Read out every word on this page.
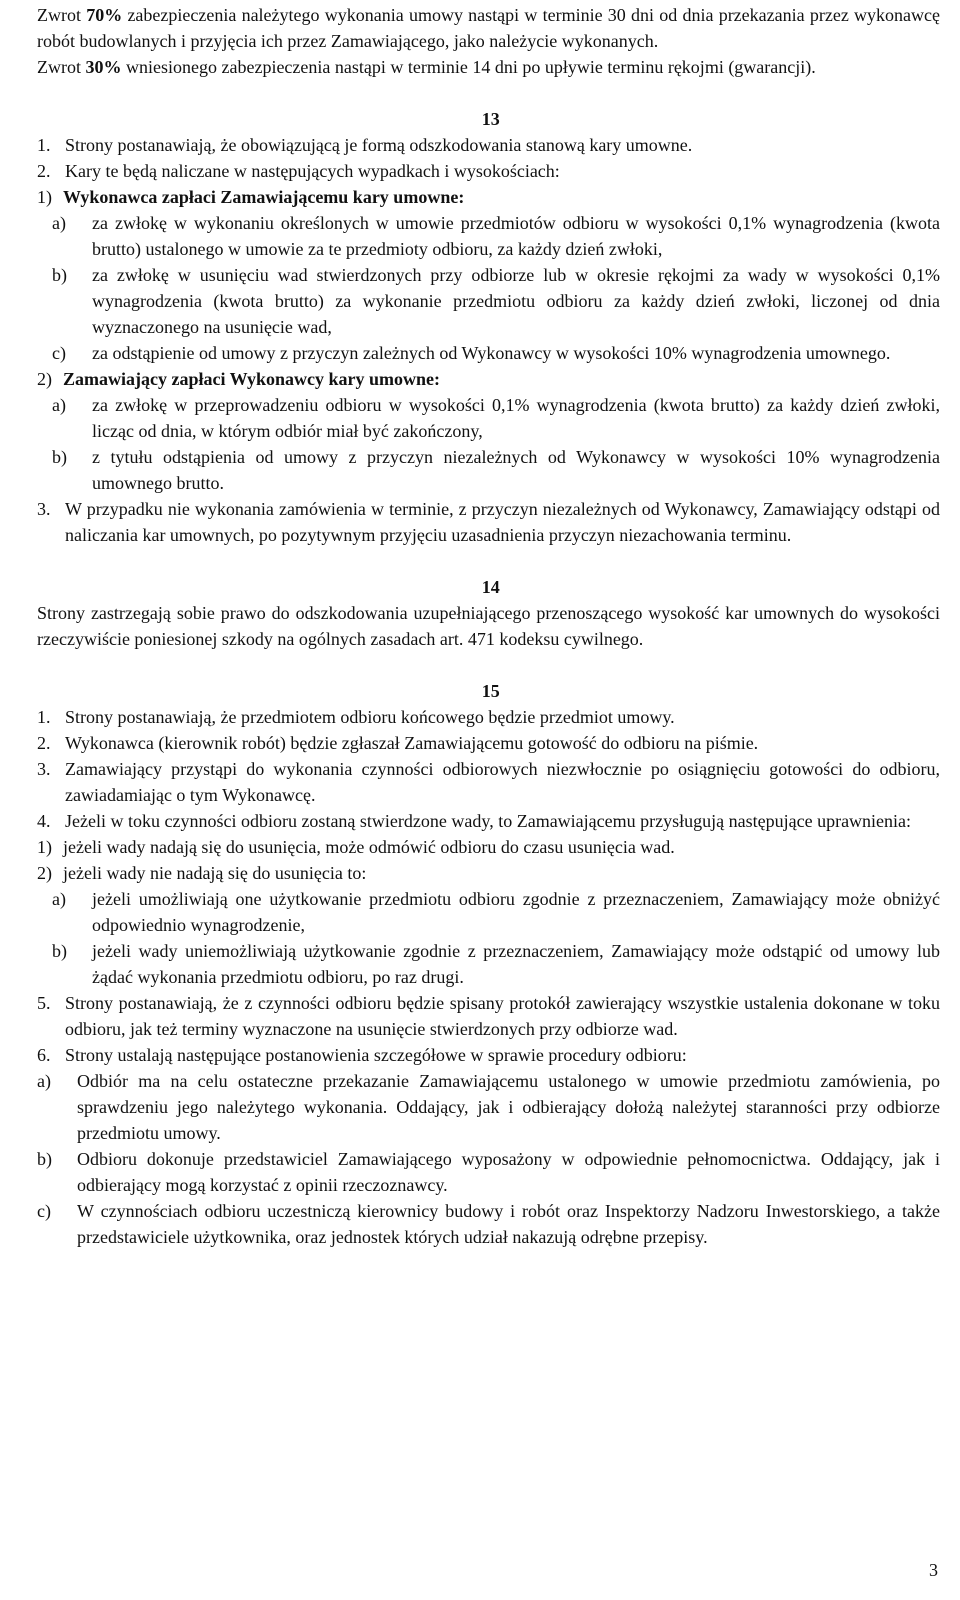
Zwrot 70% zabezpieczenia należytego wykonania umowy nastąpi w terminie 30 dni od dnia przekazania przez wykonawcę robót budowlanych i przyjęcia ich przez Zamawiającego, jako należycie wykonanych.

Zwrot 30% wniesionego zabezpieczenia nastąpi w terminie 14 dni po upływie terminu rękojmi (gwarancji).

13

1. Strony postanawiają, że obowiązującą je formą odszkodowania stanową kary umowne.
2. Kary te będą naliczane w następujących wypadkach i wysokościach:
1) Wykonawca zapłaci Zamawiającemu kary umowne:
a)	za zwłokę w wykonaniu określonych w umowie przedmiotów odbioru w wysokości 0,1% wynagrodzenia (kwota brutto) ustalonego w umowie za te przedmioty odbioru, za każdy dzień zwłoki,
b)	za zwłokę w usunięciu wad stwierdzonych przy odbiorze lub w okresie rękojmi za wady w wysokości 0,1% wynagrodzenia (kwota brutto) za wykonanie przedmiotu odbioru za każdy dzień zwłoki, liczonej od dnia wyznaczonego na usunięcie wad,
c)	za odstąpienie od umowy z przyczyn zależnych od Wykonawcy w wysokości 10% wynagrodzenia umownego.
2) Zamawiający zapłaci Wykonawcy kary umowne:
a)	za zwłokę w przeprowadzeniu odbioru w wysokości 0,1% wynagrodzenia (kwota brutto) za każdy dzień zwłoki, licząc od dnia, w którym odbiór miał być zakończony,
b)	z tytułu odstąpienia od umowy z przyczyn niezależnych od Wykonawcy w wysokości 10% wynagrodzenia umownego brutto.
3. W przypadku nie wykonania zamówienia w terminie, z przyczyn niezależnych od Wykonawcy, Zamawiający odstąpi od naliczania kar umownych, po pozytywnym przyjęciu uzasadnienia przyczyn niezachowania terminu.

14

Strony zastrzegają sobie prawo do odszkodowania uzupełniającego przenoszącego wysokość kar umownych do wysokości rzeczywiście poniesionej szkody na ogólnych zasadach art. 471 kodeksu cywilnego.

15

1. Strony postanawiają, że przedmiotem odbioru końcowego będzie przedmiot umowy.
2. Wykonawca (kierownik robót) będzie zgłaszał Zamawiającemu gotowość do odbioru na piśmie.
3. Zamawiający przystąpi do wykonania czynności odbiorowych niezwłocznie po osiągnięciu gotowości do odbioru, zawiadamiając o tym Wykonawcę.
4. Jeżeli w toku czynności odbioru zostaną stwierdzone wady, to Zamawiającemu przysługują następujące uprawnienia:
1) jeżeli wady nadają się do usunięcia, może odmówić odbioru do czasu usunięcia wad.
2) jeżeli wady nie nadają się do usunięcia to:
a)	jeżeli umożliwiają one użytkowanie przedmiotu odbioru zgodnie z przeznaczeniem, Zamawiający może obniżyć odpowiednio wynagrodzenie,
b)	jeżeli wady uniemożliwiają użytkowanie zgodnie z przeznaczeniem, Zamawiający może odstąpić od umowy lub żądać wykonania przedmiotu odbioru, po raz drugi.
5. Strony postanawiają, że z czynności odbioru będzie spisany protokół zawierający wszystkie ustalenia dokonane w toku odbioru, jak też terminy wyznaczone na usunięcie stwierdzonych przy odbiorze wad.
6. Strony ustalają następujące postanowienia szczegółowe w sprawie procedury odbioru:
a)	Odbiór ma na celu ostateczne przekazanie Zamawiającemu ustalonego w umowie przedmiotu zamówienia, po sprawdzeniu jego należytego wykonania. Oddający, jak i odbierający dołożą należytej staranności przy odbiorze przedmiotu umowy.
b)	Odbioru dokonuje przedstawiciel Zamawiającego wyposażony w odpowiednie pełnomocnictwa. Oddający, jak i odbierający mogą korzystać z opinii rzeczoznawcy.
c)	W czynnościach odbioru uczestniczą kierownicy budowy i robót oraz Inspektorzy Nadzoru Inwestorskiego, a także przedstawiciele użytkownika, oraz jednostek których udział nakazują odrębne przepisy.
3
